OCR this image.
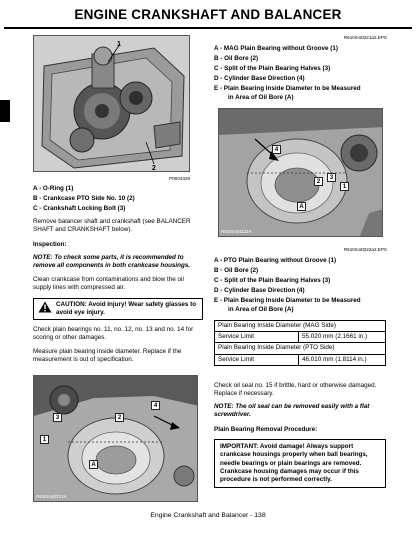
ENGINE CRANKSHAFT AND BALANCER
1
2
P0004328
A - O-Ring (1)
B - Crankcase PTO Side No. 10 (2)
C - Crankshaft Locking Bolt (3)
Remove balancer shaft and crankshaft (see BALANCER SHAFT and CRANKSHAFT below).
Inspection:
NOTE: To check some parts, it is recommended to remove all components in both crankcase housings.
Clean crankcase from contaminations and blow the oil supply lines with compressed air.
CAUTION: Avoid Injury! Wear safety glasses to avoid eye injury.
Check plain bearings no. 11, no. 12, no. 13 and no. 14 for scoring or other damages.
Measure plain bearing inside diameter. Replace if the measurement is out of specification.
4
3	2
1
A
R610mott221A
R610mott221a2.EPS
A - MAG Plain Bearing without Groove (1)
B - Oil Bore (2)
C - Split of the Plain Bearing Halves (3)
D - Cylinder Base Direction (4)
E - Plain Bearing Inside Diameter to be Measured
in Area of Oil Bore (A)
4
3
2
1
A
R610mott222A
R610mott222a2.EPS
A - PTO Plain Bearing without Groove (1)
B - Oil Bore (2)
C - Split of the Plain Bearing Halves (3)
D - Cylinder Base Direction (4)
E - Plain Bearing Inside Diameter to be Measured
in Area of Oil Bore (A)
Plain Bearing Inside Diameter (MAG Side)	
Service Limit	55.020 mm (2.1661 in.)
Plain Bearing Inside Diameter (PTO Side)	
Service Limit	46.010 mm (1.8114 in.)
Check oil seal no. 15 if brittle, hard or otherwise damaged. Replace if necessary.
NOTE: The oil seal can be removed easily with a flat screwdriver.
Plain Bearing Removal Procedure:
IMPORTANT: Avoid damage! Always support crankcase housings properly when ball bearings, needle bearings or plain bearings are removed. Crankcase housing damages may occur if this procedure is not performed correctly.
Engine Crankshaft and Balancer - 138
